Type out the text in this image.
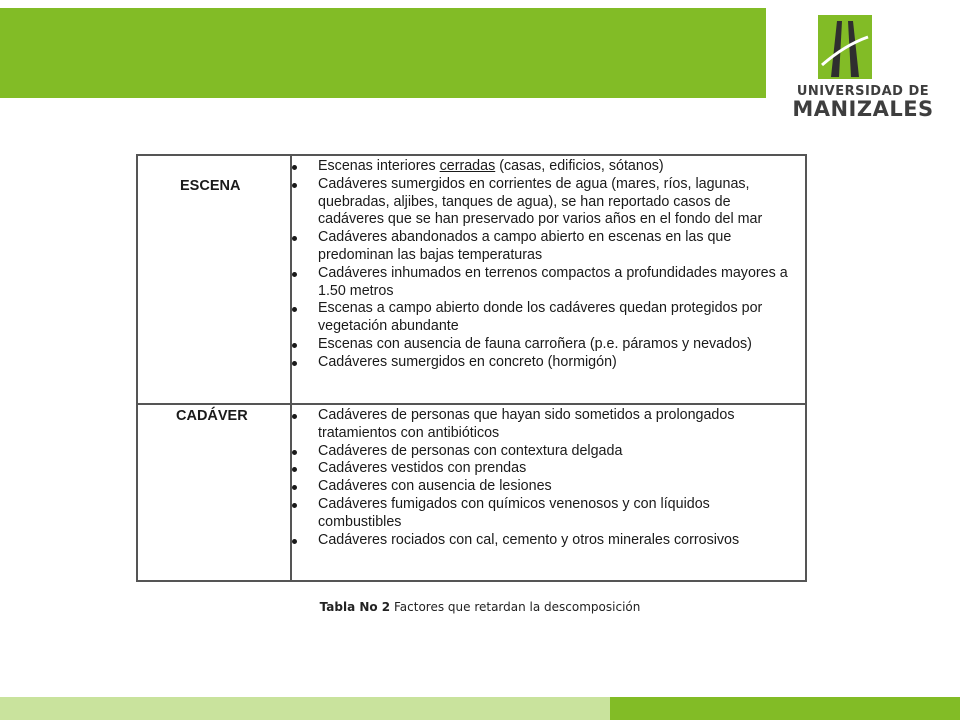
UNIVERSIDAD DE
MANIZALES
ESCENA
Escenas interiores cerradas (casas, edificios, sótanos)
Cadáveres sumergidos en corrientes de agua (mares, ríos, lagunas, quebradas, aljibes, tanques de agua), se han reportado casos de cadáveres que se han preservado por varios años en el fondo del mar
Cadáveres abandonados a campo abierto en escenas en las que predominan las bajas temperaturas
Cadáveres inhumados en terrenos compactos a profundidades mayores a 1.50 metros
Escenas a campo abierto donde los cadáveres quedan protegidos por vegetación abundante
Escenas con ausencia de fauna carroñera (p.e. páramos y nevados)
Cadáveres sumergidos en concreto (hormigón)
CADÁVER	Cadáveres de personas que hayan sido sometidos a prolongados tratamientos con antibióticos
Cadáveres de personas con contextura delgada
Cadáveres vestidos con prendas
Cadáveres con ausencia de lesiones
Cadáveres fumigados con químicos venenosos y con líquidos combustibles
Cadáveres rociados con cal, cemento y otros minerales corrosivos
Tabla No 2 Factores que retardan la descomposición
